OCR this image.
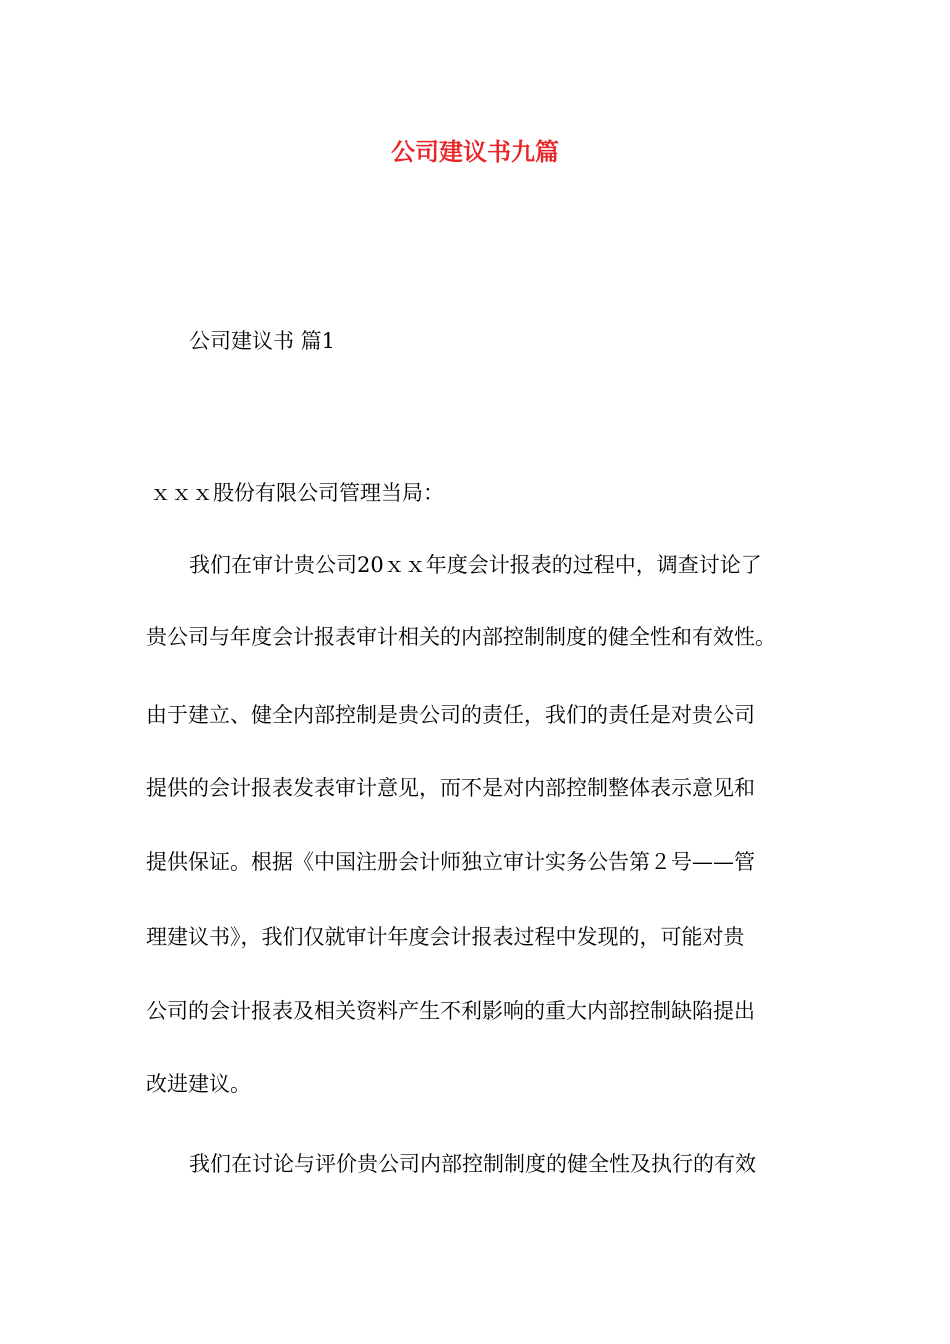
公司建议书九篇
公司建议书 篇1
ｘｘｘ股份有限公司管理当局：
我们在审计贵公司20ｘｘ年度会计报表的过程中，调查讨论了
贵公司与年度会计报表审计相关的内部控制制度的健全性和有效性。
由于建立、健全内部控制是贵公司的责任，我们的责任是对贵公司
提供的会计报表发表审计意见，而不是对内部控制整体表示意见和
提供保证。根据《中国注册会计师独立审计实务公告第２号——管
理建议书》，我们仅就审计年度会计报表过程中发现的，可能对贵
公司的会计报表及相关资料产生不利影响的重大内部控制缺陷提出
改进建议。
我们在讨论与评价贵公司内部控制制度的健全性及执行的有效
